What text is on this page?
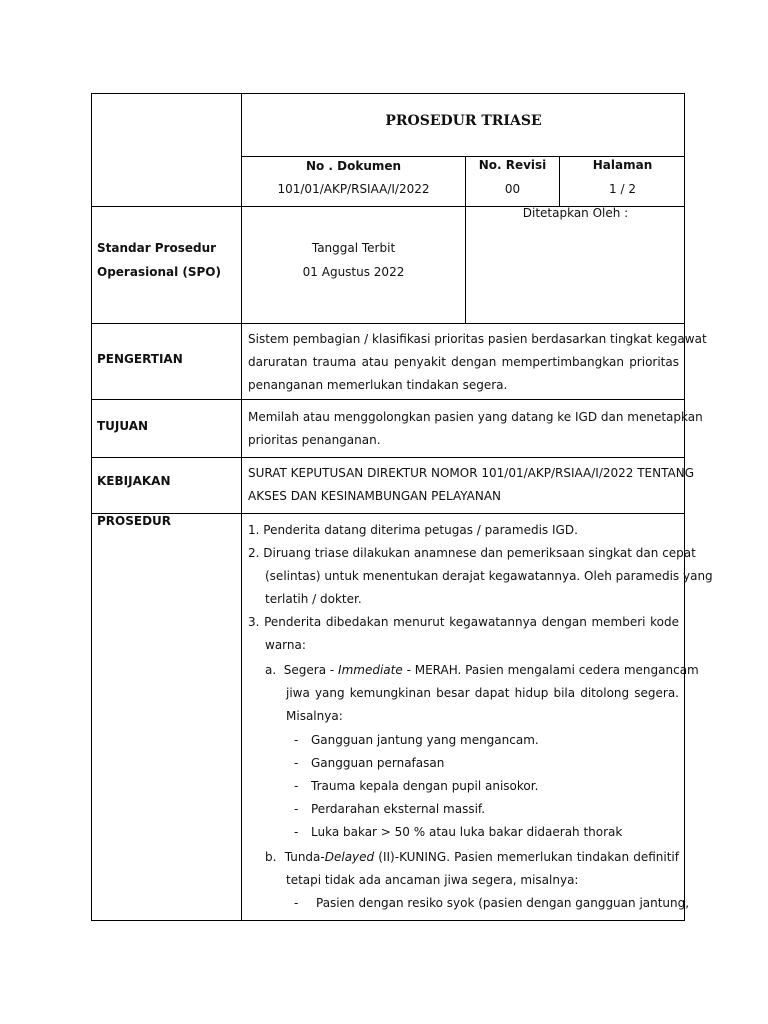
PROSEDUR TRIASE
No . Dokumen
101/01/AKP/RSIAA/I/2022
No. Revisi
00
Halaman
1 / 2
Standar Prosedur
Operasional (SPO)
Tanggal Terbit
01 Agustus 2022
Ditetapkan Oleh :
PENGERTIAN
Sistem pembagian / klasifikasi prioritas pasien berdasarkan tingkat kegawat
daruratan trauma atau penyakit dengan mempertimbangkan prioritas
penanganan memerlukan tindakan segera.
TUJUAN
Memilah atau menggolongkan pasien yang datang ke IGD dan menetapkan
prioritas penanganan.
KEBIJAKAN
SURAT KEPUTUSAN DIREKTUR NOMOR 101/01/AKP/RSIAA/I/2022 TENTANG
AKSES DAN KESINAMBUNGAN PELAYANAN
PROSEDUR
1. Penderita datang diterima petugas / paramedis IGD.
2. Diruang triase dilakukan anamnese dan pemeriksaan singkat dan cepat
(selintas) untuk menentukan derajat kegawatannya. Oleh paramedis yang
terlatih / dokter.
3. Penderita dibedakan menurut kegawatannya dengan memberi kode
warna:
a.  Segera - Immediate - MERAH. Pasien mengalami cedera mengancam
jiwa yang kemungkinan besar dapat hidup bila ditolong segera.
Misalnya:
- Gangguan jantung yang mengancam.
- Gangguan pernafasan
- Trauma kepala dengan pupil anisokor.
- Perdarahan eksternal massif.
- Luka bakar > 50 % atau luka bakar didaerah thorak
b.  Tunda-Delayed (II)-KUNING. Pasien memerlukan tindakan definitif
tetapi tidak ada ancaman jiwa segera, misalnya:
- Pasien dengan resiko syok (pasien dengan gangguan jantung,
